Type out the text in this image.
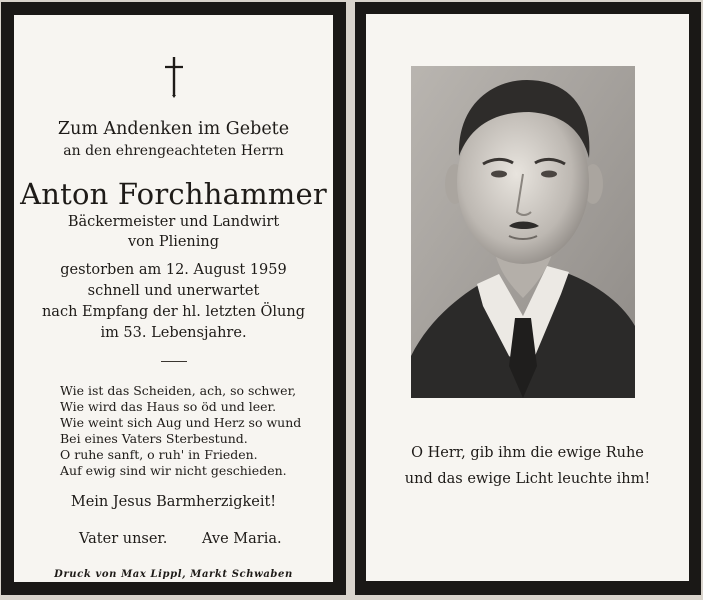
Zum Andenken im Gebete
an den ehrengeachteten Herrn
Anton Forchhammer
Bäckermeister und Landwirt
von Pliening
gestorben am 12. August 1959
schnell und unerwartet
nach Empfang der hl. letzten Ölung
im 53. Lebensjahre.
Wie ist das Scheiden, ach, so schwer,
Wie wird das Haus so öd und leer.
Wie weint sich Aug und Herz so wund
Bei eines Vaters Sterbestund.
O ruhe sanft, o ruh' in Frieden.
Auf ewig sind wir nicht geschieden.
Mein Jesus Barmherzigkeit!
Vater unser. Ave Maria.
Druck von Max Lippl, Markt Schwaben
O Herr, gib ihm die ewige Ruhe
und das ewige Licht leuchte ihm!
